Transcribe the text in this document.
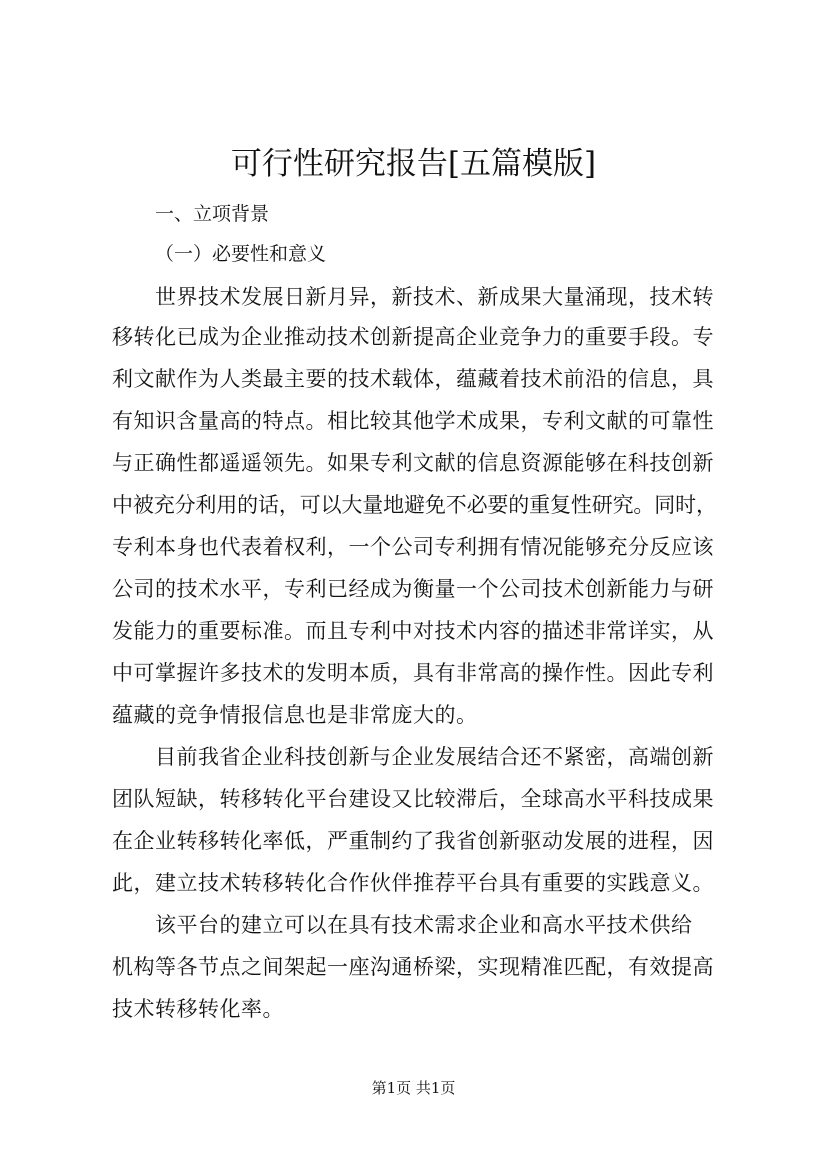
可行性研究报告[五篇模版]
一、立项背景
（一）必要性和意义
世界技术发展日新月异，新技术、新成果大量涌现，技术转
移转化已成为企业推动技术创新提高企业竞争力的重要手段。专
利文献作为人类最主要的技术载体，蕴藏着技术前沿的信息，具
有知识含量高的特点。相比较其他学术成果，专利文献的可靠性
与正确性都遥遥领先。如果专利文献的信息资源能够在科技创新
中被充分利用的话，可以大量地避免不必要的重复性研究。同时，
专利本身也代表着权利，一个公司专利拥有情况能够充分反应该
公司的技术水平，专利已经成为衡量一个公司技术创新能力与研
发能力的重要标准。而且专利中对技术内容的描述非常详实，从
中可掌握许多技术的发明本质，具有非常高的操作性。因此专利
蕴藏的竞争情报信息也是非常庞大的。
目前我省企业科技创新与企业发展结合还不紧密，高端创新
团队短缺，转移转化平台建设又比较滞后，全球高水平科技成果
在企业转移转化率低，严重制约了我省创新驱动发展的进程，因
此，建立技术转移转化合作伙伴推荐平台具有重要的实践意义。
该平台的建立可以在具有技术需求企业和高水平技术供给
机构等各节点之间架起一座沟通桥梁，实现精准匹配，有效提高
技术转移转化率。
第1页 共1页
